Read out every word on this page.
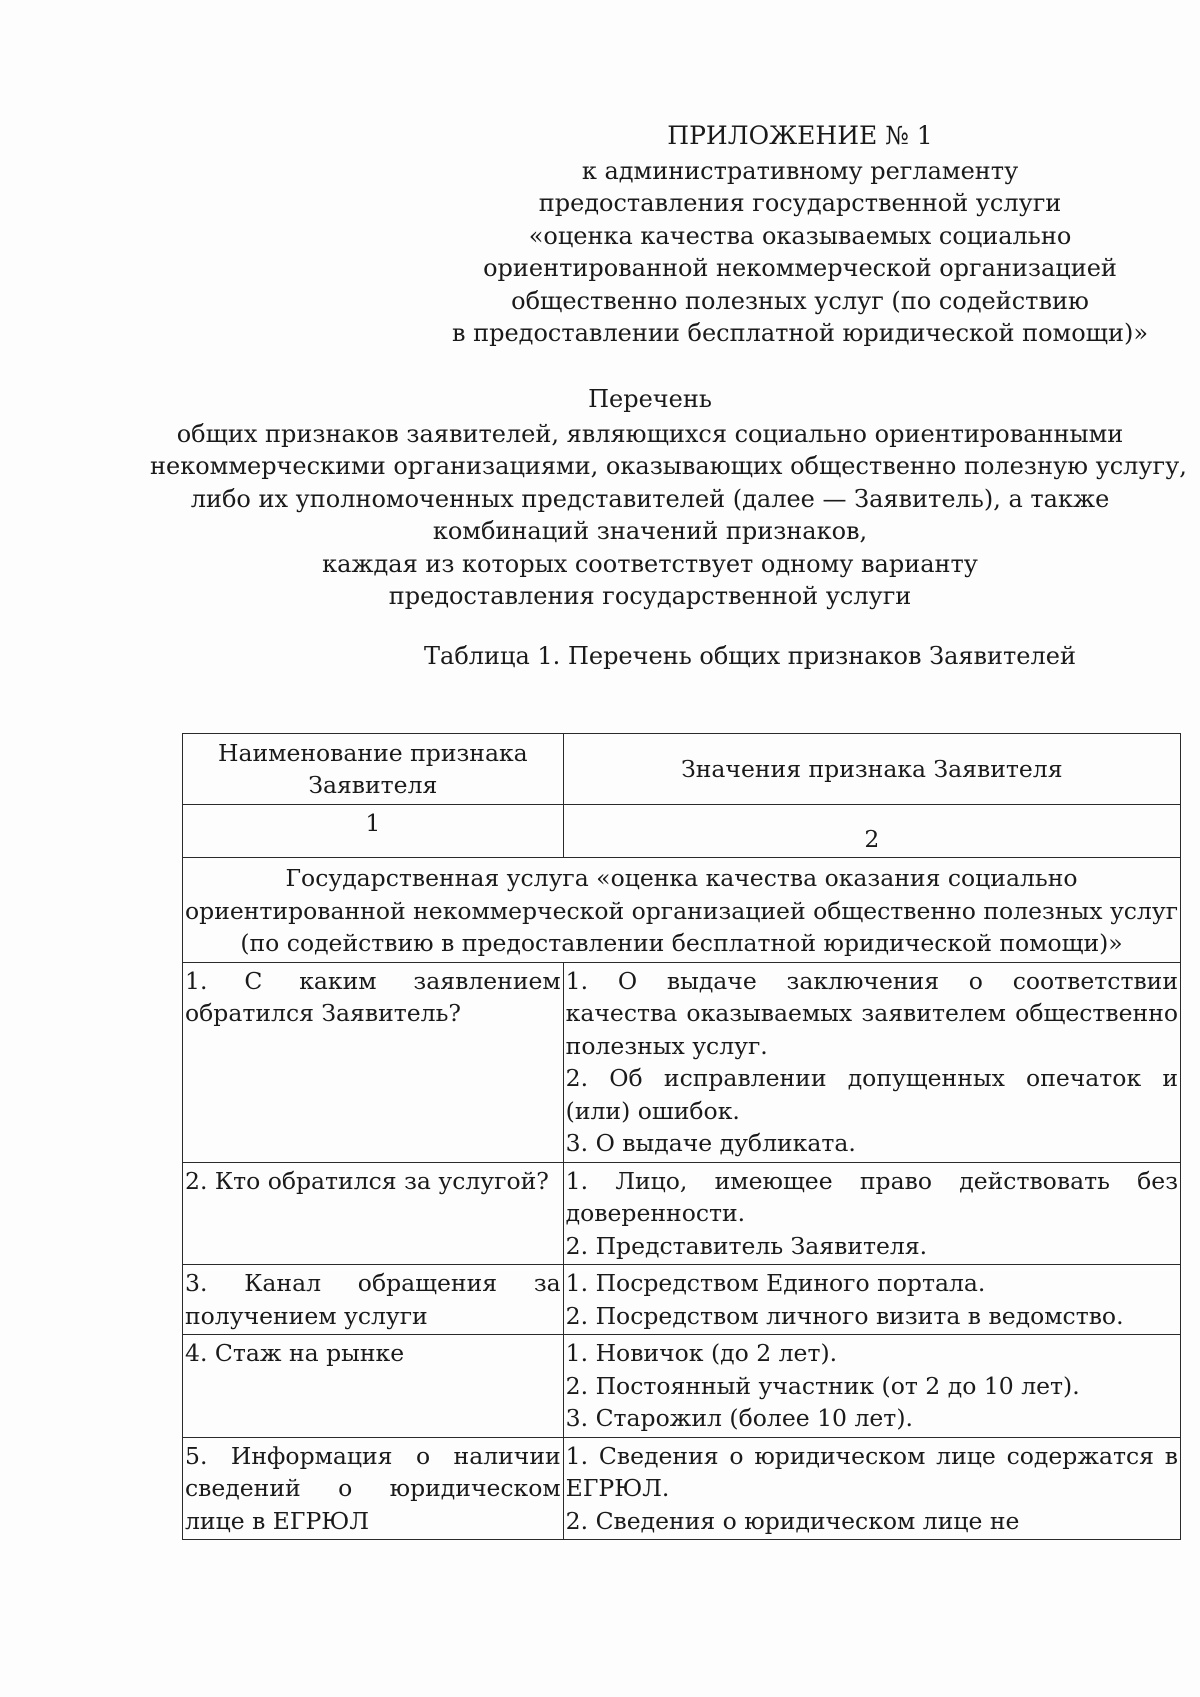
ПРИЛОЖЕНИЕ № 1
к административному регламенту
предоставления государственной услуги
«оценка качества оказываемых социально
ориентированной некоммерческой организацией
общественно полезных услуг (по содействию
в предоставлении бесплатной юридической помощи)»
Перечень
общих признаков заявителей, являющихся социально ориентированными
некоммерческими организациями, оказывающих общественно полезную услугу,
либо их уполномоченных представителей (далее — Заявитель), а также
комбинаций значений признаков,
каждая из которых соответствует одному варианту
предоставления государственной услуги
Таблица 1. Перечень общих признаков Заявителей
Наименование признака Заявителя	Значения признака Заявителя
1	2

Государственная услуга «оценка качества оказания социально
ориентированной некоммерческой организацией общественно полезных услуг
(по содействию в предоставлении бесплатной юридической помощи)»	

1. С каким заявлением обратился Заявитель?	1. О выдаче заключения о соответствии качества оказываемых заявителем общественно полезных услуг.
2. Об исправлении допущенных опечаток и (или) ошибок.
3. О выдаче дубликата.

2. Кто обратился за услугой?	1. Лицо, имеющее право действовать без доверенности.
2. Представитель Заявителя.

3. Канал обращения за получением услуги	1. Посредством Единого портала.
2. Посредством личного визита в ведомство.

4. Стаж на рынке	1. Новичок (до 2 лет).
2. Постоянный участник (от 2 до 10 лет).
3. Старожил (более 10 лет).

5. Информация о наличии сведений о юридическом лице в ЕГРЮЛ	1. Сведения о юридическом лице содержатся в ЕГРЮЛ.
2. Сведения о юридическом лице не
